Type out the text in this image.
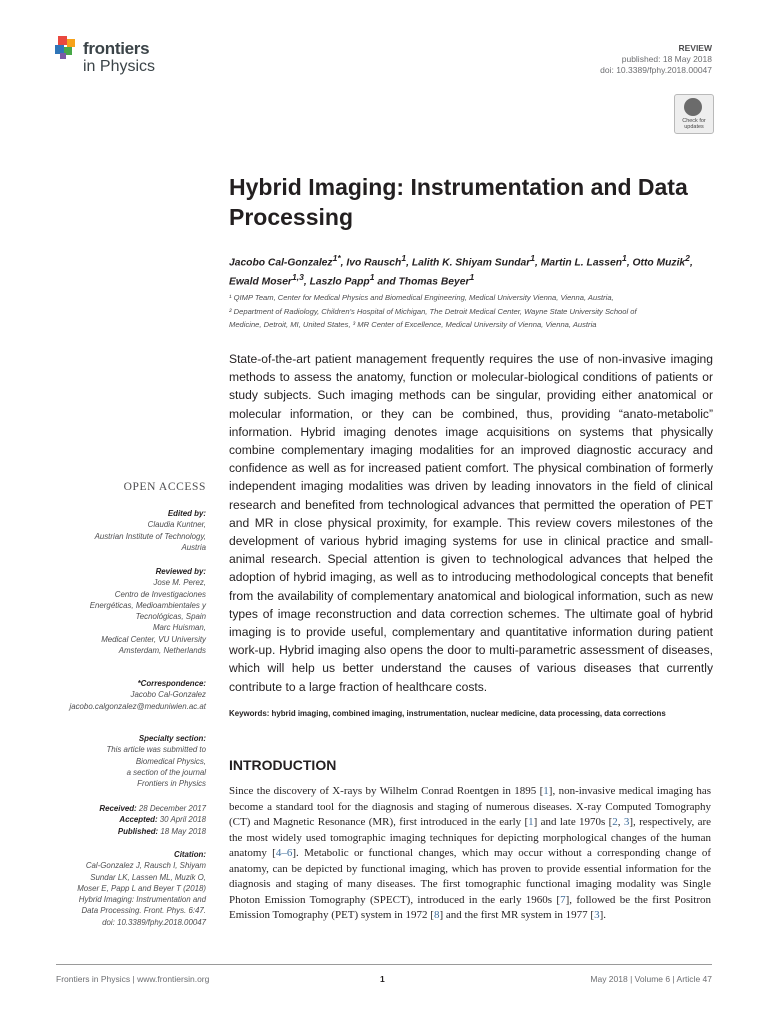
frontiers
in Physics
REVIEW
published: 18 May 2018
doi: 10.3389/fphy.2018.00047
Check for updates
Hybrid Imaging: Instrumentation and Data Processing
Jacobo Cal-Gonzalez$^{1*}$, Ivo Rausch$^1$, Lalith K. Shiyam Sundar$^1$, Martin L. Lassen$^1$, Otto Muzik$^2$, Ewald Moser$^{1,3}$, Laszlo Papp$^1$ and Thomas Beyer$^1$
¹ QIMP Team, Center for Medical Physics and Biomedical Engineering, Medical University Vienna, Vienna, Austria,
² Department of Radiology, Children's Hospital of Michigan, The Detroit Medical Center, Wayne State University School of
Medicine, Detroit, MI, United States, ³ MR Center of Excellence, Medical University of Vienna, Vienna, Austria
State-of-the-art patient management frequently requires the use of non-invasive imaging methods to assess the anatomy, function or molecular-biological conditions of patients or study subjects. Such imaging methods can be singular, providing either anatomical or molecular information, or they can be combined, thus, providing “anato-metabolic” information. Hybrid imaging denotes image acquisitions on systems that physically combine complementary imaging modalities for an improved diagnostic accuracy and confidence as well as for increased patient comfort. The physical combination of formerly independent imaging modalities was driven by leading innovators in the field of clinical research and benefited from technological advances that permitted the operation of PET and MR in close physical proximity, for example. This review covers milestones of the development of various hybrid imaging systems for use in clinical practice and small-animal research. Special attention is given to technological advances that helped the adoption of hybrid imaging, as well as to introducing methodological concepts that benefit from the availability of complementary anatomical and biological information, such as new types of image reconstruction and data correction schemes. The ultimate goal of hybrid imaging is to provide useful, complementary and quantitative information during patient work-up. Hybrid imaging also opens the door to multi-parametric assessment of diseases, which will help us better understand the causes of various diseases that currently contribute to a large fraction of healthcare costs.
Keywords: hybrid imaging, combined imaging, instrumentation, nuclear medicine, data processing, data corrections
INTRODUCTION
Since the discovery of X-rays by Wilhelm Conrad Roentgen in 1895 [1], non-invasive medical imaging has become a standard tool for the diagnosis and staging of numerous diseases. X-ray Computed Tomography (CT) and Magnetic Resonance (MR), first introduced in the early [1] and late 1970s [2, 3], respectively, are the most widely used tomographic imaging techniques for depicting morphological changes of the human anatomy [4–6]. Metabolic or functional changes, which may occur without a corresponding change of anatomy, can be depicted by functional imaging, which has proven to provide essential information for the diagnosis and staging of many diseases. The first tomographic functional imaging modality was Single Photon Emission Tomography (SPECT), introduced in the early 1960s [7], followed be the first Positron Emission Tomography (PET) system in 1972 [8] and the first MR system in 1977 [3].
OPEN ACCESS
Edited by:
Claudia Kuntner,
Austrian Institute of Technology,
Austria
Reviewed by:
Jose M. Perez,
Centro de Investigaciones
Energéticas, Medioambientales y
Tecnológicas, Spain
Marc Huisman,
Medical Center, VU University
Amsterdam, Netherlands
*Correspondence:
Jacobo Cal-Gonzalez
jacobo.calgonzalez@meduniwien.ac.at
Specialty section:
This article was submitted to
Biomedical Physics,
a section of the journal
Frontiers in Physics
Received: 28 December 2017
Accepted: 30 April 2018
Published: 18 May 2018
Citation:
Cal-Gonzalez J, Rausch I, Shiyam
Sundar LK, Lassen ML, Muzik O,
Moser E, Papp L and Beyer T (2018)
Hybrid Imaging: Instrumentation and
Data Processing. Front. Phys. 6:47.
doi: 10.3389/fphy.2018.00047
Frontiers in Physics | www.frontiersin.org	1	May 2018 | Volume 6 | Article 47
